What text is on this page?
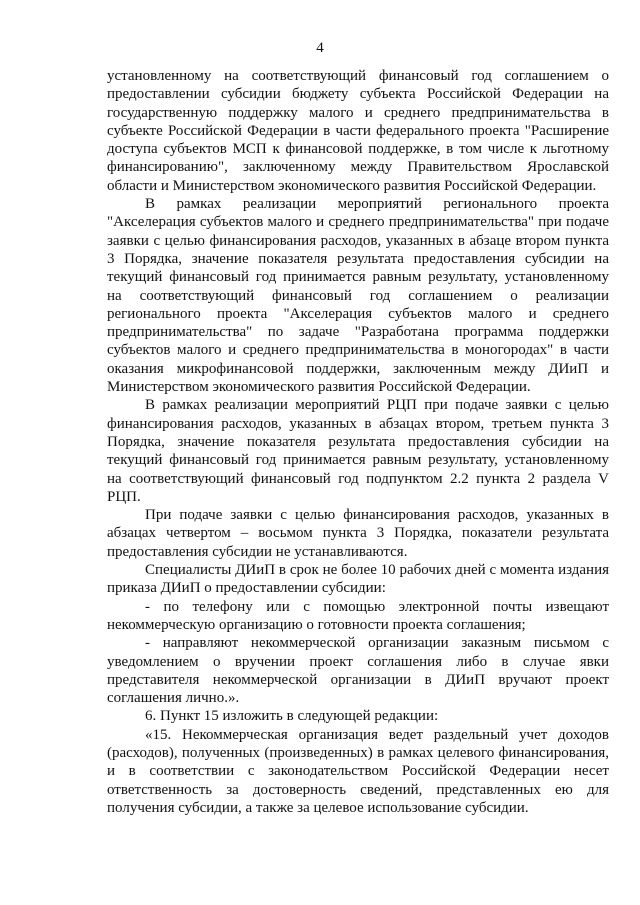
4

установленному на соответствующий финансовый год соглашением о предоставлении субсидии бюджету субъекта Российской Федерации на государственную поддержку малого и среднего предпринимательства в субъекте Российской Федерации в части федерального проекта "Расширение доступа субъектов МСП к финансовой поддержке, в том числе к льготному финансированию", заключенному между Правительством Ярославской области и Министерством экономического развития Российской Федерации.

В рамках реализации мероприятий регионального проекта "Акселерация субъектов малого и среднего предпринимательства" при подаче заявки с целью финансирования расходов, указанных в абзаце втором пункта 3 Порядка, значение показателя результата предоставления субсидии на текущий финансовый год принимается равным результату, установленному на соответствующий финансовый год соглашением о реализации регионального проекта "Акселерация субъектов малого и среднего предпринимательства" по задаче "Разработана программа поддержки субъектов малого и среднего предпринимательства в моногородах" в части оказания микрофинансовой поддержки, заключенным между ДИиП и Министерством экономического развития Российской Федерации.

В рамках реализации мероприятий РЦП при подаче заявки с целью финансирования расходов, указанных в абзацах втором, третьем пункта 3 Порядка, значение показателя результата предоставления субсидии на текущий финансовый год принимается равным результату, установленному на соответствующий финансовый год подпунктом 2.2 пункта 2 раздела V РЦП.

При подаче заявки с целью финансирования расходов, указанных в абзацах четвертом – восьмом пункта 3 Порядка, показатели результата предоставления субсидии не устанавливаются.

Специалисты ДИиП в срок не более 10 рабочих дней с момента издания приказа ДИиП о предоставлении субсидии:

- по телефону или с помощью электронной почты извещают некоммерческую организацию о готовности проекта соглашения;

- направляют некоммерческой организации заказным письмом с уведомлением о вручении проект соглашения либо в случае явки представителя некоммерческой организации в ДИиП вручают проект соглашения лично.».

6. Пункт 15 изложить в следующей редакции:

«15. Некоммерческая организация ведет раздельный учет доходов (расходов), полученных (произведенных) в рамках целевого финансирования, и в соответствии с законодательством Российской Федерации несет ответственность за достоверность сведений, представленных ею для получения субсидии, а также за целевое использование субсидии.
